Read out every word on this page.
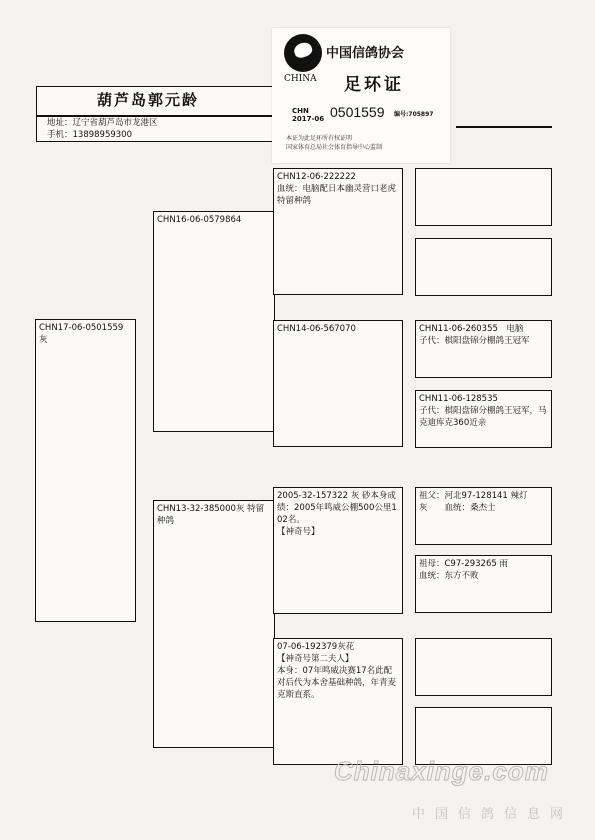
葫芦岛郭元龄
地址：辽宁省葫芦岛市龙港区
手机：13898959300
中国信鸽协会
CHINA 足环证
CHN
2017-06 0501559 编号:705897
本证为此足环所有权证明
国家体育总局社会体育指导中心监制
CHN17-06-0501559
灰
CHN16-06-0579864
CHN13-32-385000灰 特留种鸽
CHN12-06-222222
血统：电脑配日本幽灵营口老虎特留种鸽
CHN14-06-567070
2005-32-157322 灰 砂本身成绩：2005年鸣威公棚500公里102名。
【神奇号】
07-06-192379灰花
【神奇号第二夫人】
本身：07年鸣威决赛17名此配对后代为本舍基础种鸽，年青麦克斯直系。
CHN11-06-260355　电脑
子代：棋阳盘锦分棚鸽王冠军
CHN11-06-128535
子代：棋阳盘锦分棚鸽王冠军，马克迪库克360近亲
祖父：河北97-128141 辣灯　　　灰　　血统：桑杰士
祖母：C97-293265 雨
血统：东方不败
Chinaxinge.com
中国信鸽信息网
